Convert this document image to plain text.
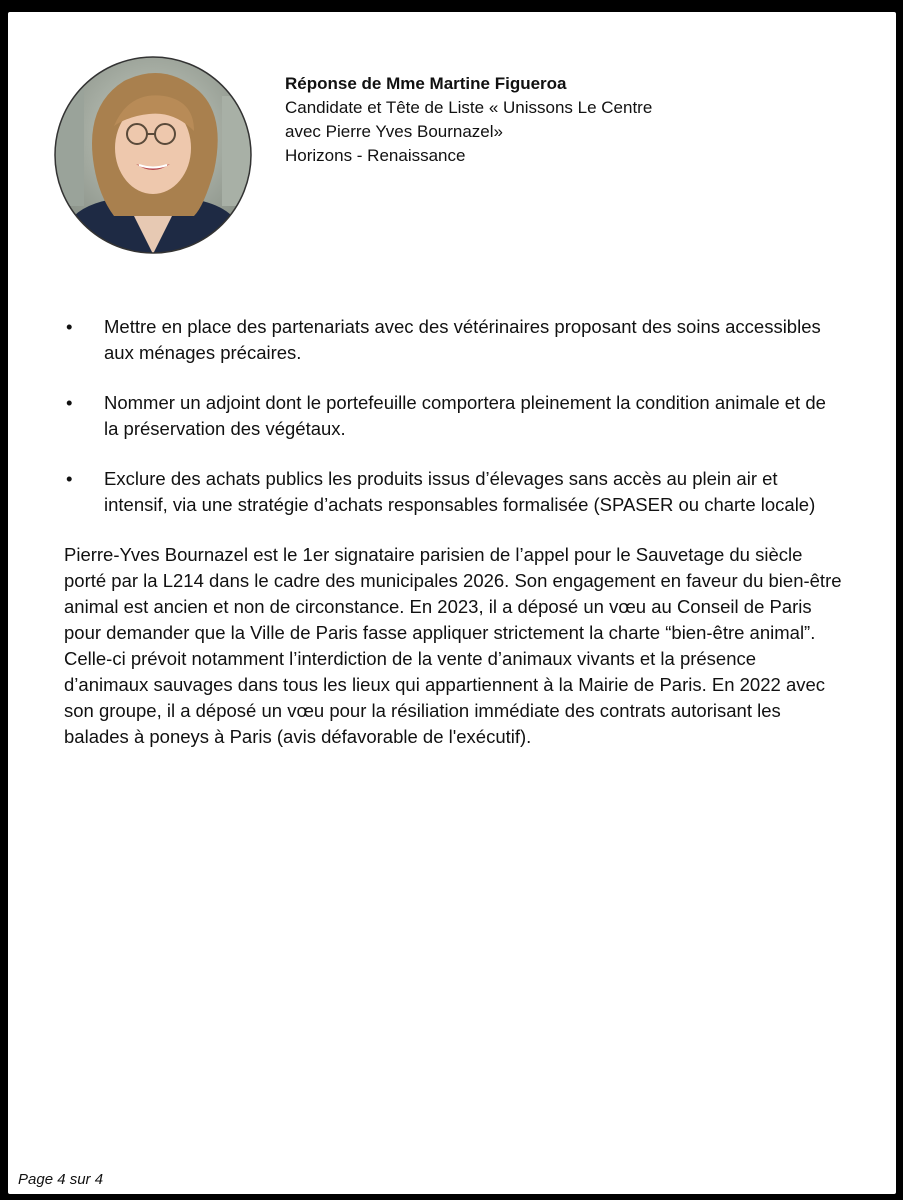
Réponse de Mme Martine Figueroa
Candidate et Tête de Liste « Unissons Le Centre
avec Pierre Yves Bournazel»
Horizons - Renaissance
• Mettre en place des partenariats avec des vétérinaires proposant des soins accessibles aux ménages précaires.
• Nommer un adjoint dont le portefeuille comportera pleinement la condition animale et de la préservation des végétaux.
• Exclure des achats publics les produits issus d’élevages sans accès au plein air et intensif, via une stratégie d’achats responsables formalisée (SPASER ou charte locale)

Pierre-Yves Bournazel est le 1er signataire parisien de l’appel pour le Sauvetage du siècle porté par la L214 dans le cadre des municipales 2026. Son engagement en faveur du bien-être animal est ancien et non de circonstance. En 2023, il a déposé un vœu au Conseil de Paris pour demander que la Ville de Paris fasse appliquer strictement la charte “bien-être animal”. Celle-ci prévoit notamment l’interdiction de la vente d’animaux vivants et la présence d’animaux sauvages dans tous les lieux qui appartiennent à la Mairie de Paris. En 2022 avec son groupe, il a déposé un vœu pour la résiliation immédiate des contrats autorisant les balades à poneys à Paris (avis défavorable de l'exécutif).

Page 4 sur 4
